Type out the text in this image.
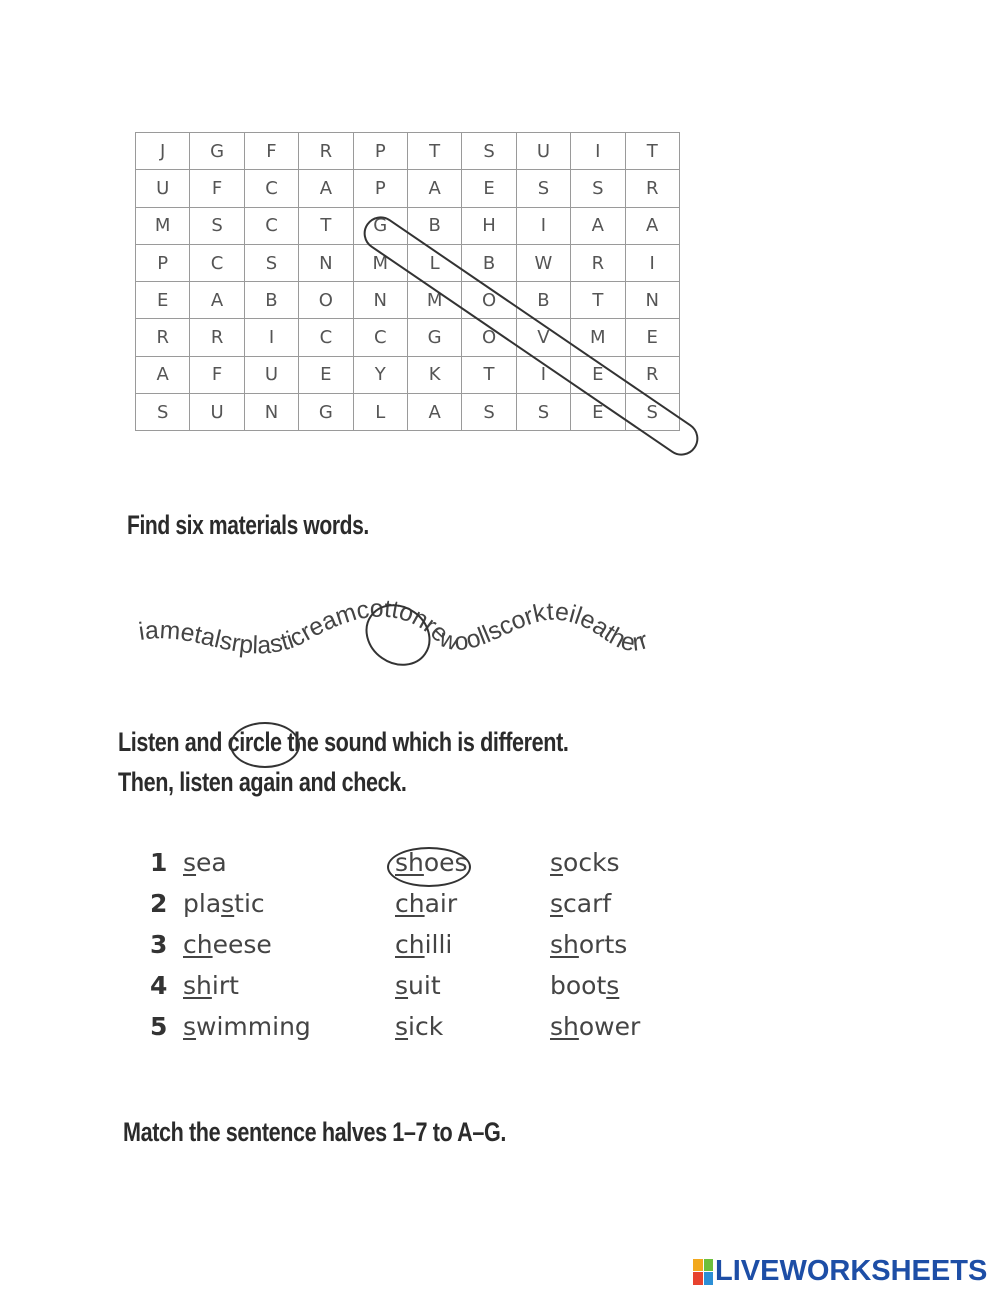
J	G	F	R	P	T	S	U	I	T
U	F	C	A	P	A	E	S	S	R
M	S	C	T	G	B	H	I	A	A
P	C	S	N	M	L	B	W	R	I
E	A	B	O	N	M	O	B	T	N
R	R	I	C	C	G	O	V	M	E
A	F	U	E	Y	K	T	I	E	R
S	U	N	G	L	A	S	S	E	S
Find six materials words.
iametalsrplasticreamcottonrewoollscorkteileatherr
Listen and circle the sound which is different.
Then, listen again and check.
1 sea	shoes	socks
2 plastic	chair	scarf
3 cheese	chilli	shorts
4 shirt	suit	boots
5 swimming	sick	shower
Match the sentence halves 1–7 to A–G.
LIVEWORKSHEETS
